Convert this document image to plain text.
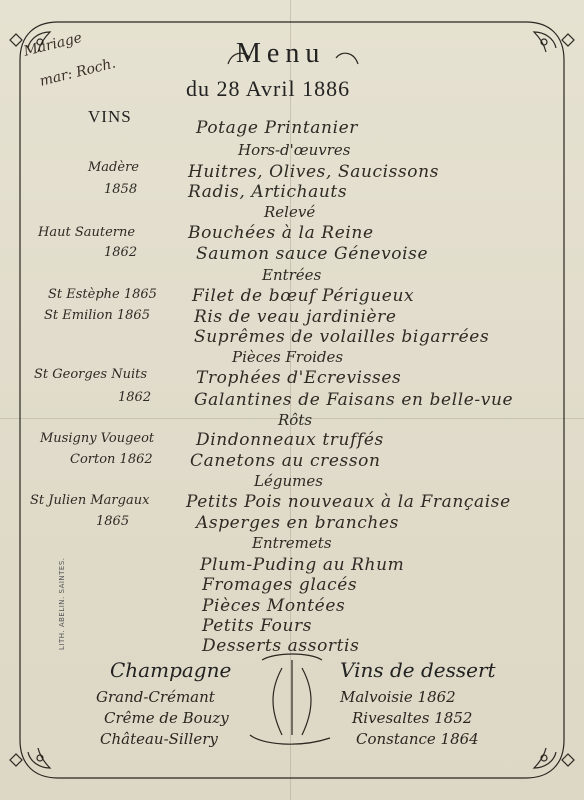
Mariage
mar: Roch.
Menu
du 28 Avril 1886
VINS
Madère
1858
Haut Sauterne
1862
St Estèphe 1865
St Emilion 1865
St Georges Nuits
1862
Musigny Vougeot
Corton 1862
St Julien Margaux
1865
Potage Printanier
Hors-d'œuvres
Huitres, Olives, Saucissons
Radis, Artichauts
Relevé
Bouchées à la Reine
Saumon sauce Génevoise
Entrées
Filet de bœuf Périgueux
Ris de veau jardinière
Suprêmes de volailles bigarrées
Pièces Froides
Trophées d'Ecrevisses
Galantines de Faisans en belle-vue
Rôts
Dindonneaux truffés
Canetons au cresson
Légumes
Petits Pois nouveaux à la Française
Asperges en branches
Entremets
Plum-Puding au Rhum
Fromages glacés
Pièces Montées
Petits Fours
Desserts assortis
LITH. ABELIN. SAINTES.
Champagne
Grand-Crémant
Crême de Bouzy
Château-Sillery
Vins de dessert
Malvoisie 1862
Rivesaltes 1852
Constance 1864
